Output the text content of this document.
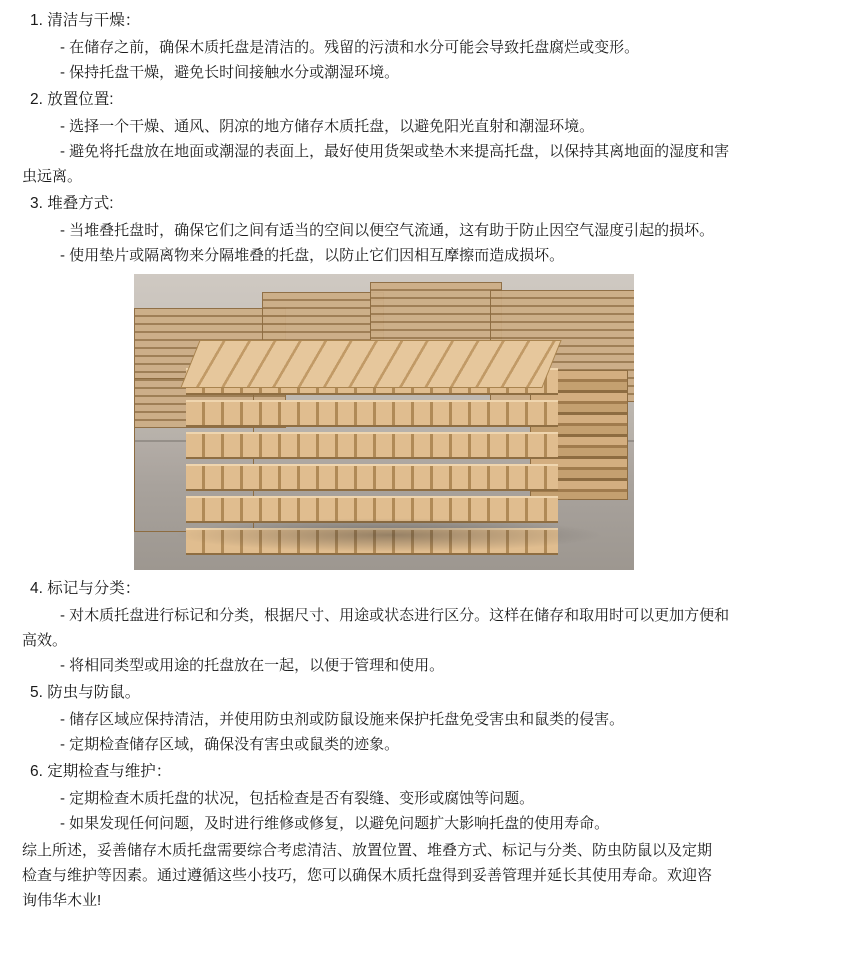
1. 清洁与干燥：
- 在储存之前，确保木质托盘是清洁的。残留的污渍和水分可能会导致托盘腐烂或变形。
- 保持托盘干燥，避免长时间接触水分或潮湿环境。
2. 放置位置:
- 选择一个干燥、通风、阴凉的地方储存木质托盘，以避免阳光直射和潮湿环境。
- 避免将托盘放在地面或潮湿的表面上，最好使用货架或垫木来提高托盘，以保持其离地面的湿度和害
虫远离。
3. 堆叠方式:
- 当堆叠托盘时，确保它们之间有适当的空间以便空气流通，这有助于防止因空气湿度引起的损坏。
- 使用垫片或隔离物来分隔堆叠的托盘，以防止它们因相互摩擦而造成损坏。
4. 标记与分类：
- 对木质托盘进行标记和分类，根据尺寸、用途或状态进行区分。这样在储存和取用时可以更加方便和
高效。
- 将相同类型或用途的托盘放在一起，以便于管理和使用。
5. 防虫与防鼠。
- 储存区域应保持清洁，并使用防虫剂或防鼠设施来保护托盘免受害虫和鼠类的侵害。
- 定期检查储存区域，确保没有害虫或鼠类的迹象。
6. 定期检查与维护：
- 定期检查木质托盘的状况，包括检查是否有裂缝、变形或腐蚀等问题。
- 如果发现任何问题，及时进行维修或修复，以避免问题扩大影响托盘的使用寿命。

综上所述，妥善储存木质托盘需要综合考虑清洁、放置位置、堆叠方式、标记与分类、防虫防鼠以及定期

检查与维护等因素。通过遵循这些小技巧，您可以确保木质托盘得到妥善管理并延长其使用寿命。欢迎咨

询伟华木业!
